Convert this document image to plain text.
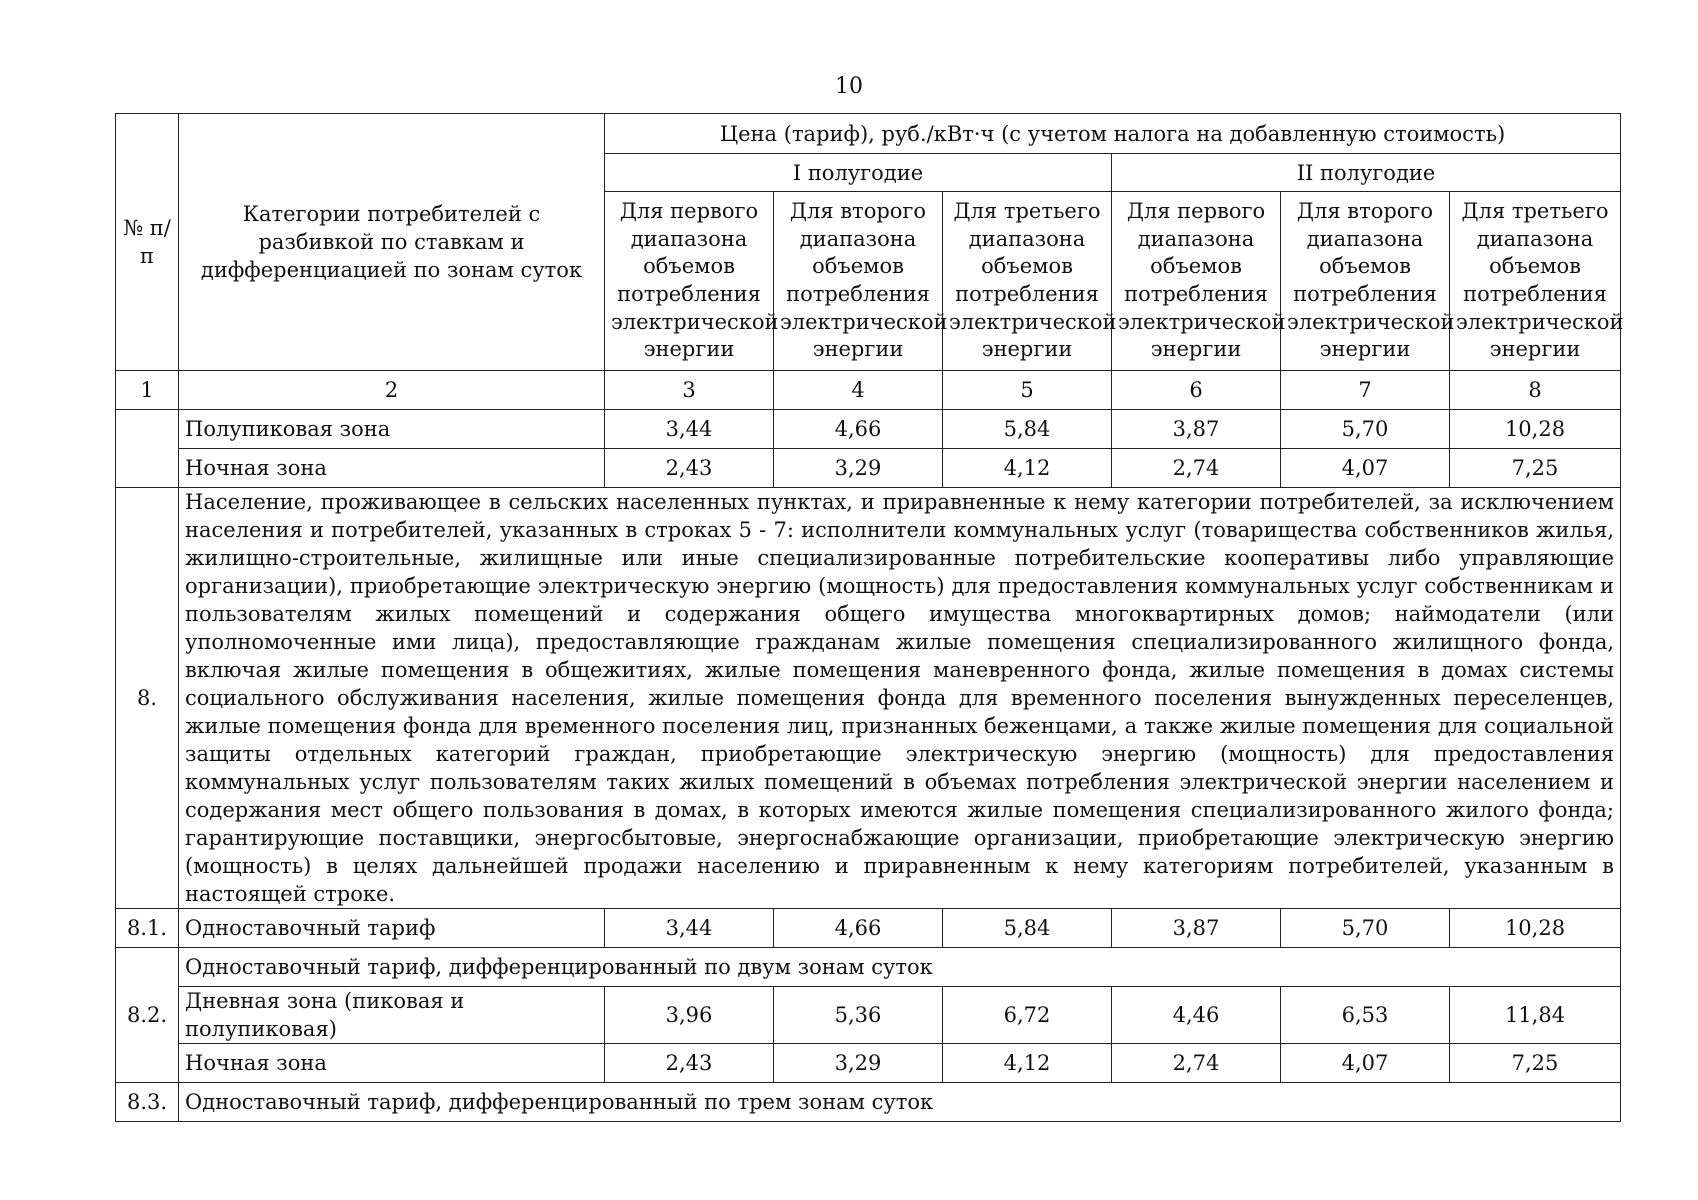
10
№ п/п	Категории потребителей с разбивкой по ставкам и дифференциацией по зонам суток	Цена (тариф), руб./кВт·ч (с учетом налога на добавленную стоимость)					
		I полугодие			II полугодие		
		Для первого диапазона объемов потребления электрической энергии	Для второго диапазона объемов потребления электрической энергии	Для третьего диапазона объемов потребления электрической энергии	Для первого диапазона объемов потребления электрической энергии	Для второго диапазона объемов потребления электрической энергии	Для третьего диапазона объемов потребления электрической энергии
1	2	3	4	5	6	7	8
	Полупиковая зона	3,44	4,66	5,84	3,87	5,70	10,28
	Ночная зона	2,43	3,29	4,12	2,74	4,07	7,25
8.	Население, проживающее в сельских населенных пунктах, и приравненные к нему категории потребителей, за исключением населения и потребителей, указанных в строках 5 - 7: исполнители коммунальных услуг (товарищества собственников жилья, жилищно-строительные, жилищные или иные специализированные потребительские кооперативы либо управляющие организации), приобретающие электрическую энергию (мощность) для предоставления коммунальных услуг собственникам и пользователям жилых помещений и содержания общего имущества многоквартирных домов; наймодатели (или уполномоченные ими лица), предоставляющие гражданам жилые помещения специализированного жилищного фонда, включая жилые помещения в общежитиях, жилые помещения маневренного фонда, жилые помещения в домах системы социального обслуживания населения, жилые помещения фонда для временного поселения вынужденных переселенцев, жилые помещения фонда для временного поселения лиц, признанных беженцами, а также жилые помещения для социальной защиты отдельных категорий граждан, приобретающие электрическую энергию (мощность) для предоставления коммунальных услуг пользователям таких жилых помещений в объемах потребления электрической энергии населением и содержания мест общего пользования в домах, в которых имеются жилые помещения специализированного жилого фонда; гарантирующие поставщики, энергосбытовые, энергоснабжающие организации, приобретающие электрическую энергию (мощность) в целях дальнейшей продажи населению и приравненным к нему категориям потребителей, указанным в настоящей строке.						
8.1.	Одноставочный тариф	3,44	4,66	5,84	3,87	5,70	10,28
8.2.	Одноставочный тариф, дифференцированный по двум зонам суток						
	Дневная зона (пиковая и полупиковая)	3,96	5,36	6,72	4,46	6,53	11,84
	Ночная зона	2,43	3,29	4,12	2,74	4,07	7,25
8.3.	Одноставочный тариф, дифференцированный по трем зонам суток						
